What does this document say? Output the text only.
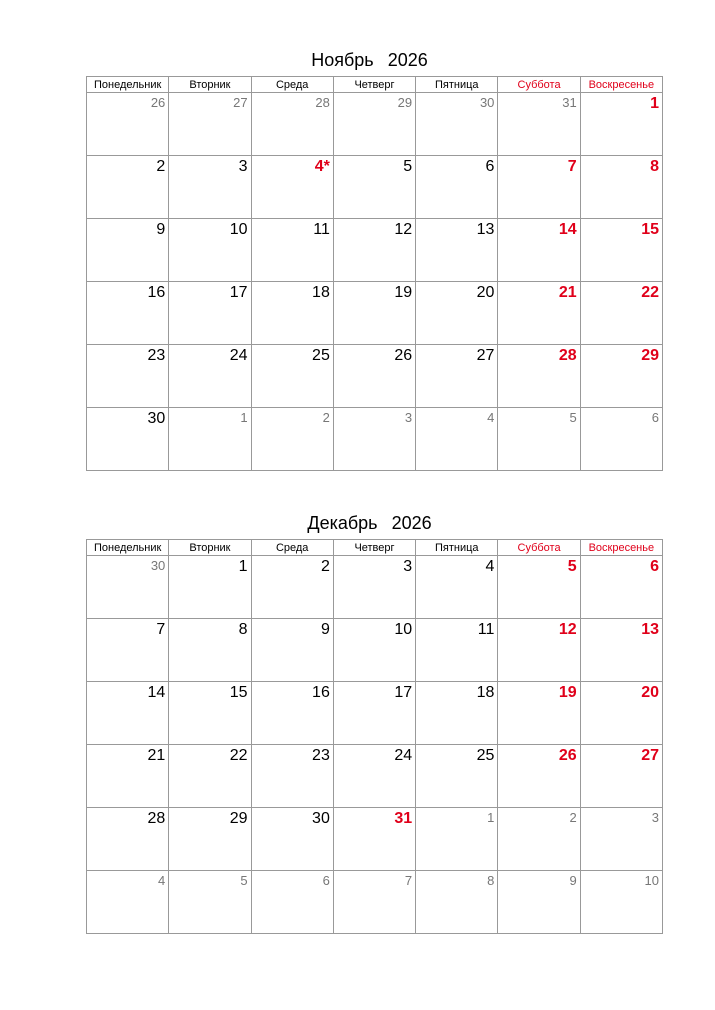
Ноябрь 2026
Понедельник	Вторник	Среда	Четверг	Пятница	Суббота	Воскресенье

26	27	28	29	30	31	1

2	3	4*	5	6	7	8

9	10	11	12	13	14	15

16	17	18	19	20	21	22

23	24	25	26	27	28	29

30	1	2	3	4	5	6
Декабрь 2026
Понедельник	Вторник	Среда	Четверг	Пятница	Суббота	Воскресенье

30	1	2	3	4	5	6

7	8	9	10	11	12	13

14	15	16	17	18	19	20

21	22	23	24	25	26	27

28	29	30	31	1	2	3

4	5	6	7	8	9	10
